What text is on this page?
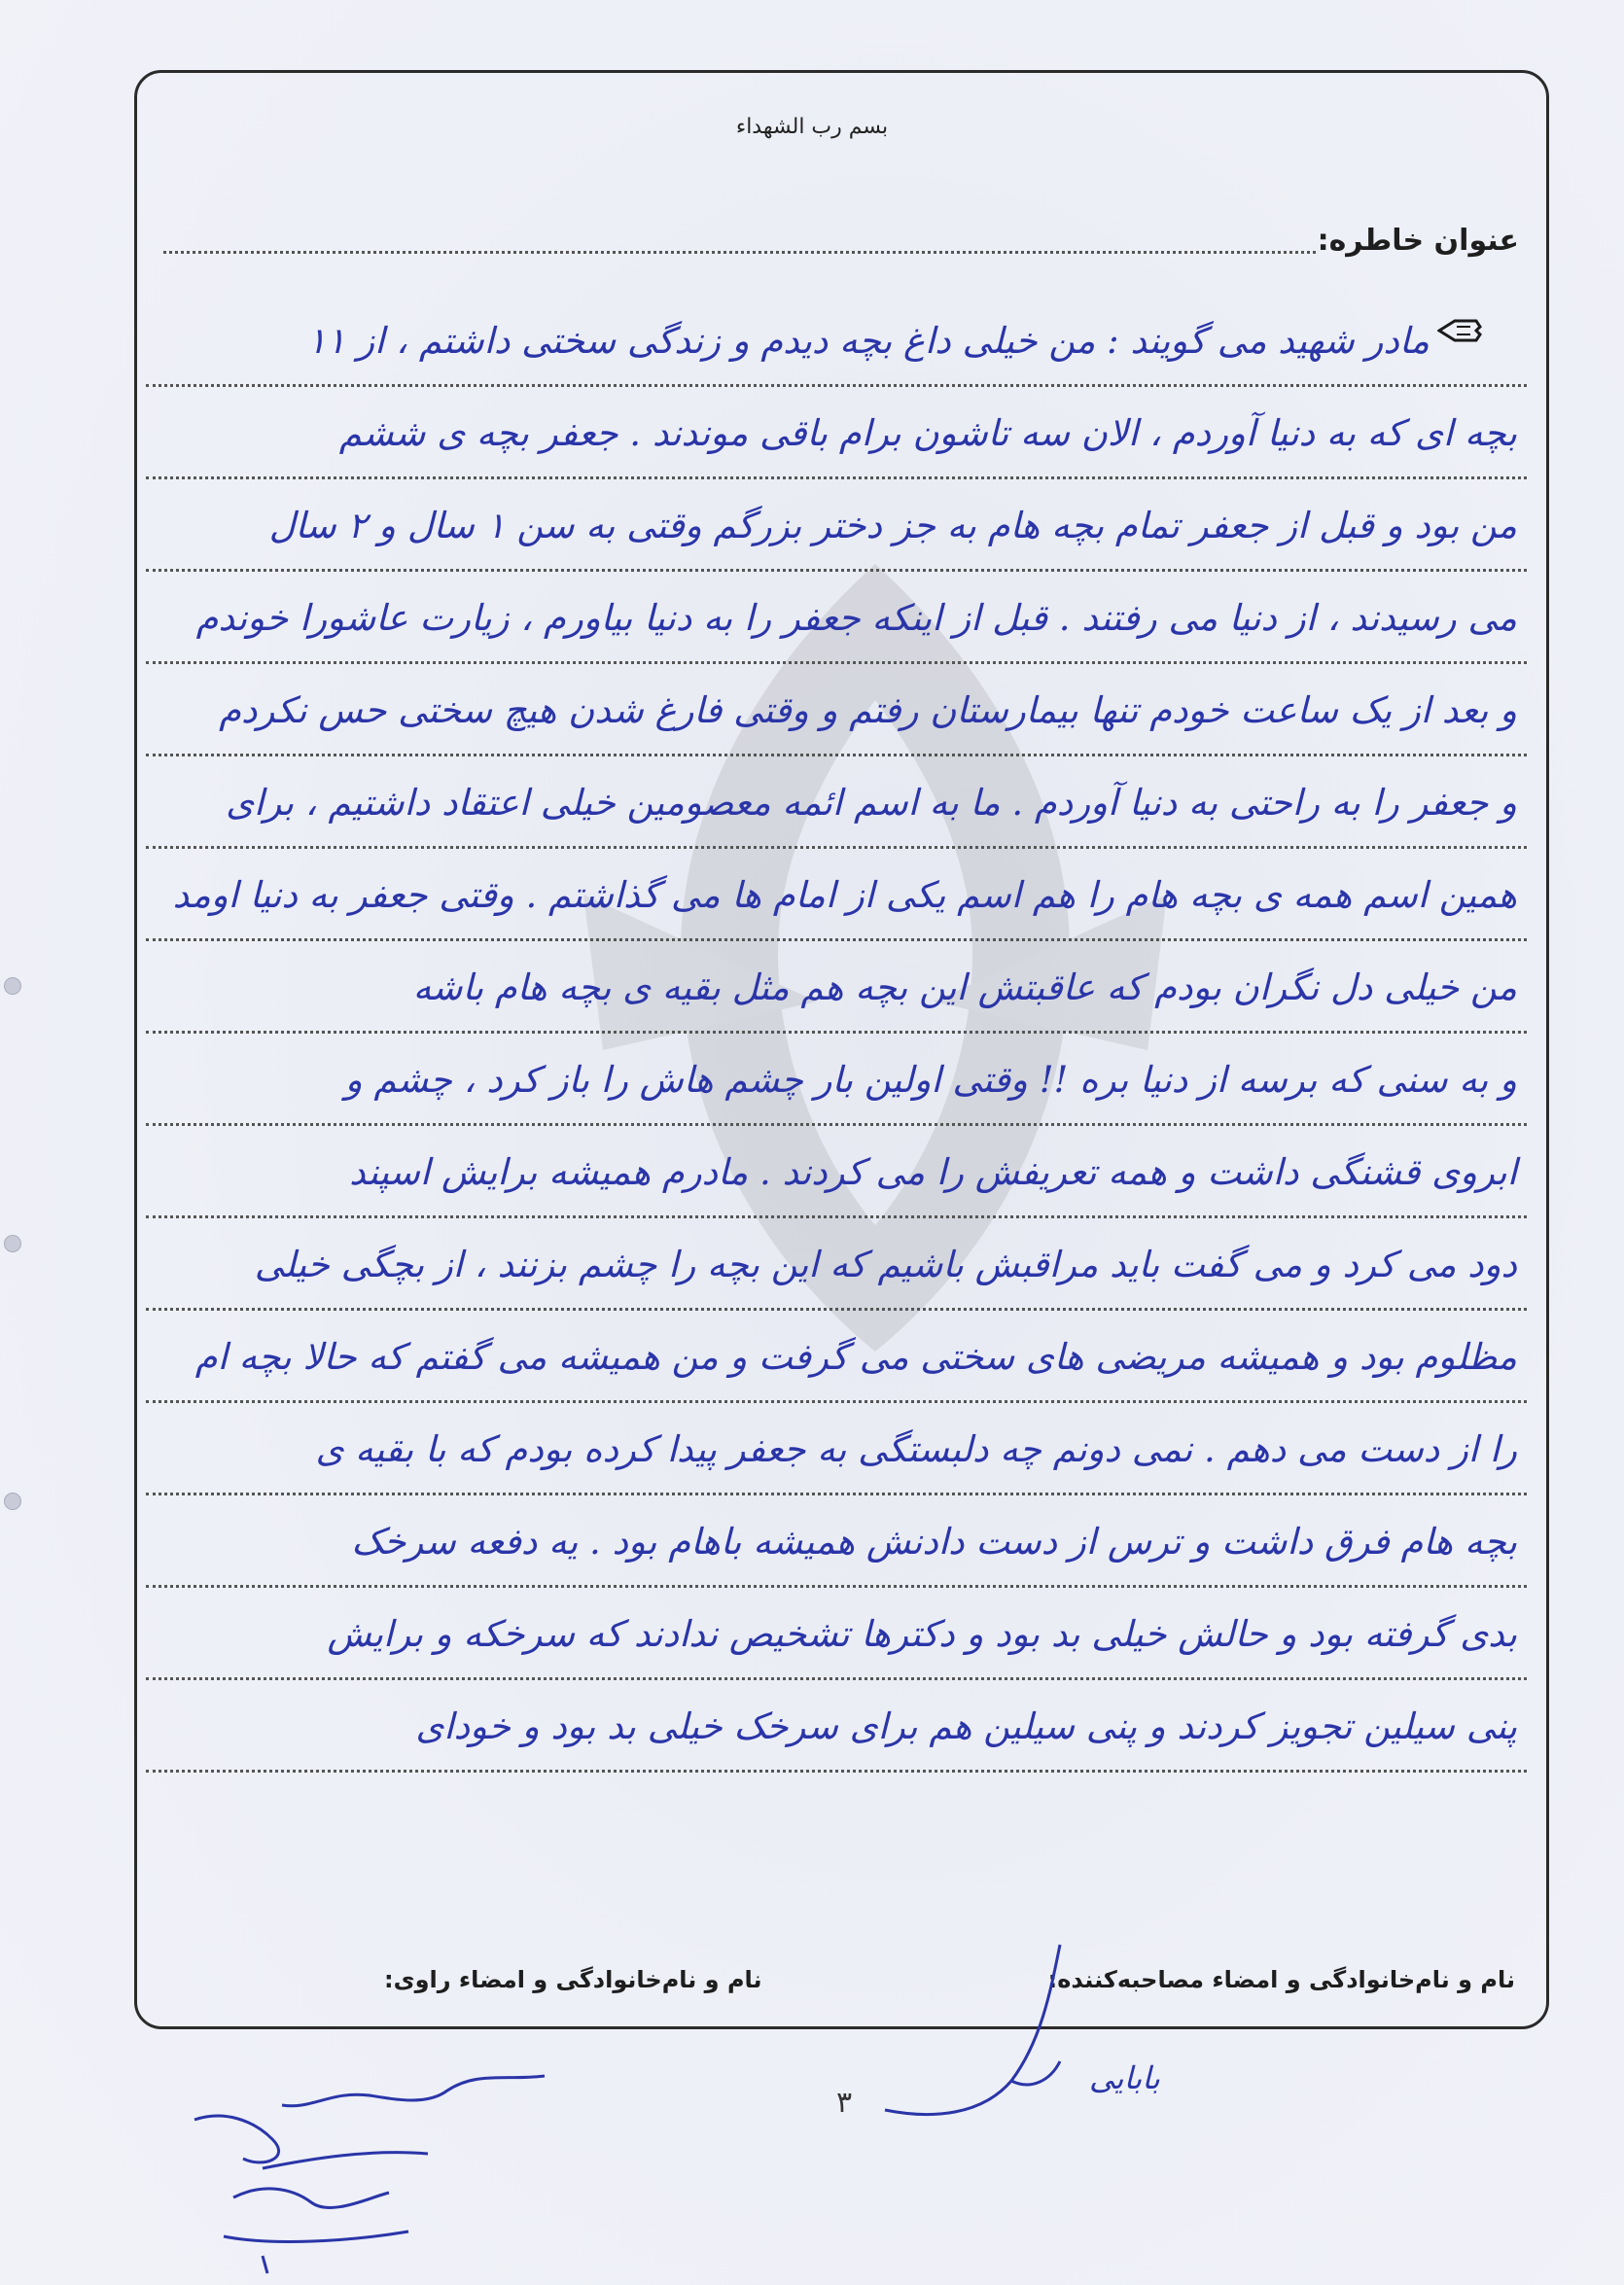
بسم رب الشهداء
عنوان خاطره:
مادر شهید می گویند : من خیلی داغ بچه دیدم و زندگی سختی داشتم ، از ۱۱
بچه ای که به دنیا آوردم ، الان سه تاشون برام باقی موندند . جعفر بچه ی ششم
من بود و قبل از جعفر تمام بچه هام به جز دختر بزرگم وقتی به سن ۱ سال و ۲ سال
می رسیدند ، از دنیا می رفتند . قبل از اینکه جعفر را به دنیا بیاورم ، زیارت عاشورا خوندم
و بعد از یک ساعت خودم تنها بیمارستان رفتم و وقتی فارغ شدن هیچ سختی حس نکردم
و جعفر را به راحتی به دنیا آوردم . ما به اسم ائمه معصومین خیلی اعتقاد داشتیم ، برای
همین اسم همه ی بچه هام را هم اسم یکی از امام ها می گذاشتم . وقتی جعفر به دنیا اومد
من خیلی دل نگران بودم که عاقبتش این بچه هم مثل بقیه ی بچه هام باشه
و به سنی که برسه از دنیا بره !! وقتی اولین بار چشم هاش را باز کرد ، چشم و
ابروی قشنگی داشت و همه تعریفش را می کردند . مادرم همیشه برایش اسپند
دود می کرد و می گفت باید مراقبش باشیم که این بچه را چشم بزنند ، از بچگی خیلی
مظلوم بود و همیشه مریضی های سختی می گرفت و من همیشه می گفتم که حالا بچه ام
را از دست می دهم . نمی دونم چه دلبستگی به جعفر پیدا کرده بودم که با بقیه ی
بچه هام فرق داشت و ترس از دست دادنش همیشه باهام بود . یه دفعه سرخک
بدی گرفته بود و حالش خیلی بد بود و دکترها تشخیص ندادند که سرخکه و برایش
پنی سیلین تجویز کردند و پنی سیلین هم برای سرخک خیلی بد بود و خودای
نام و نام‌خانوادگی و امضاء مصاحبه‌کننده:
نام و نام‌خانوادگی و امضاء راوی:
بابایی
۳
